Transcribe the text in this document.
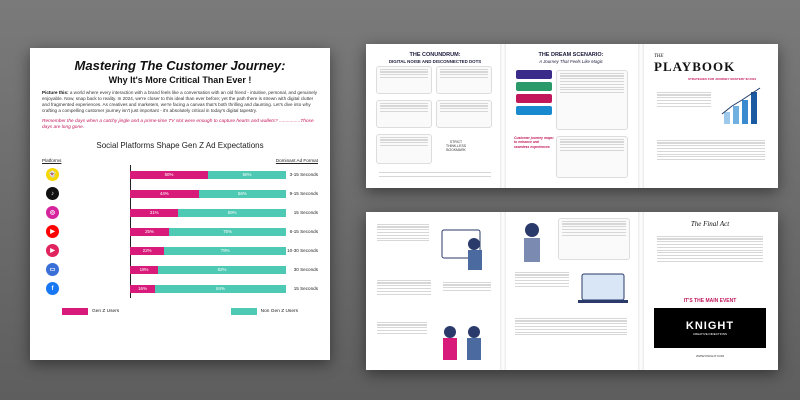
Mastering The Customer Journey:
Why It's More Critical Than Ever !
Picture this: a world where every interaction with a brand feels like a conversation with an old friend - intuitive, personal, and genuinely enjoyable. Now, snap back to reality. In 2024, we're closer to this ideal than ever before; yet the path there is strewn with digital clutter and fragmented experiences. As creatives and marketers, we're facing a canvas that's both thrilling and daunting. Let's dive into why crafting a compelling customer journey isn't just important - it's absolutely critical in today's digital tapestry.
Remember the days when a catchy jingle and a prime-time TV slot were enough to capture hearts and wallets? ................Those days are long gone.
Social Platforms Shape Gen Z Ad Expectations
Platforms	Dominant Ad Format
👻	50%	50%	3-15 Seconds
♪	44%	56%	9-15 Seconds
◎	31%	69%	15 Seconds
▶	25%	75%	6-15 Seconds
▶	22%	78%	10-30 Seconds
▭	18%	82%	30 Seconds
f	16%	84%	15 Seconds
Gen Z Users	Non Gen Z Users
THE CONUNDRUM:
DIGITAL NOISE AND DISCONNECTED DOTS
STRICT
THINK-LESS
BOOKMARK
THE DREAM SCENARIO:
A Journey That Feels Like Magic
Customer journey maps: to enhance and seamless experiences
THE
PLAYBOOK
STRATEGIES FOR JOURNEY MASTERY IN 2024
The Final Act
IT'S THE MAIN EVENT
KNIGHT
CREATIVE DIRECTIONS
WWW.KNIGHT.COM
